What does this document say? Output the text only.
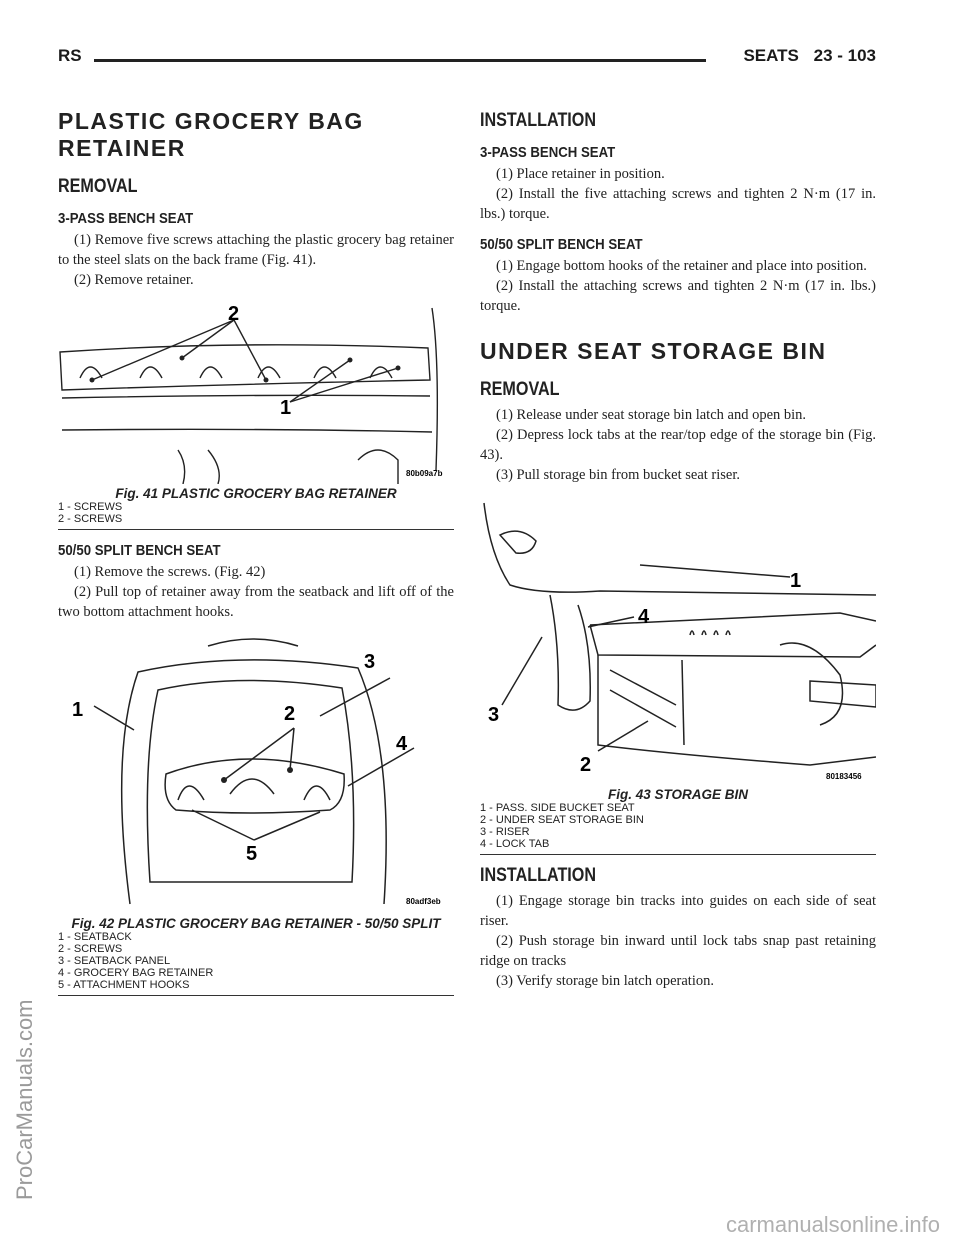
RS	SEATS 23 - 103
ProCarManuals.com
carmanualsonline.info
PLASTIC GROCERY BAG RETAINER
REMOVAL
3-PASS BENCH SEAT

(1) Remove five screws attaching the plastic grocery bag retainer to the steel slats on the back frame (Fig. 41).

(2) Remove retainer.

2
1
80b09a7b
Fig. 41 PLASTIC GROCERY BAG RETAINER
1 - SCREWS
2 - SCREWS
50/50 SPLIT BENCH SEAT

(1) Remove the screws. (Fig. 42)

(2) Pull top of retainer away from the seatback and lift off of the two bottom attachment hooks.

1	2
3
4
5
80adf3eb
Fig. 42 PLASTIC GROCERY BAG RETAINER - 50/50 SPLIT
1 - SEATBACK
2 - SCREWS
3 - SEATBACK PANEL
4 - GROCERY BAG RETAINER
5 - ATTACHMENT HOOKS
INSTALLATION
3-PASS BENCH SEAT

(1) Place retainer in position.

(2) Install the five attaching screws and tighten 2 N·m (17 in. lbs.) torque.

50/50 SPLIT BENCH SEAT

(1) Engage bottom hooks of the retainer and place into position.

(2) Install the attaching screws and tighten 2 N·m (17 in. lbs.) torque.

UNDER SEAT STORAGE BIN
REMOVAL

(1) Release under seat storage bin latch and open bin.

(2) Depress lock tabs at the rear/top edge of the storage bin (Fig. 43).

(3) Pull storage bin from bucket seat riser.

1
4
3
2
80183456
Fig. 43 STORAGE BIN
1 - PASS. SIDE BUCKET SEAT
2 - UNDER SEAT STORAGE BIN
3 - RISER
4 - LOCK TAB
INSTALLATION

(1) Engage storage bin tracks into guides on each side of seat riser.

(2) Push storage bin inward until lock tabs snap past retaining ridge on tracks

(3) Verify storage bin latch operation.
